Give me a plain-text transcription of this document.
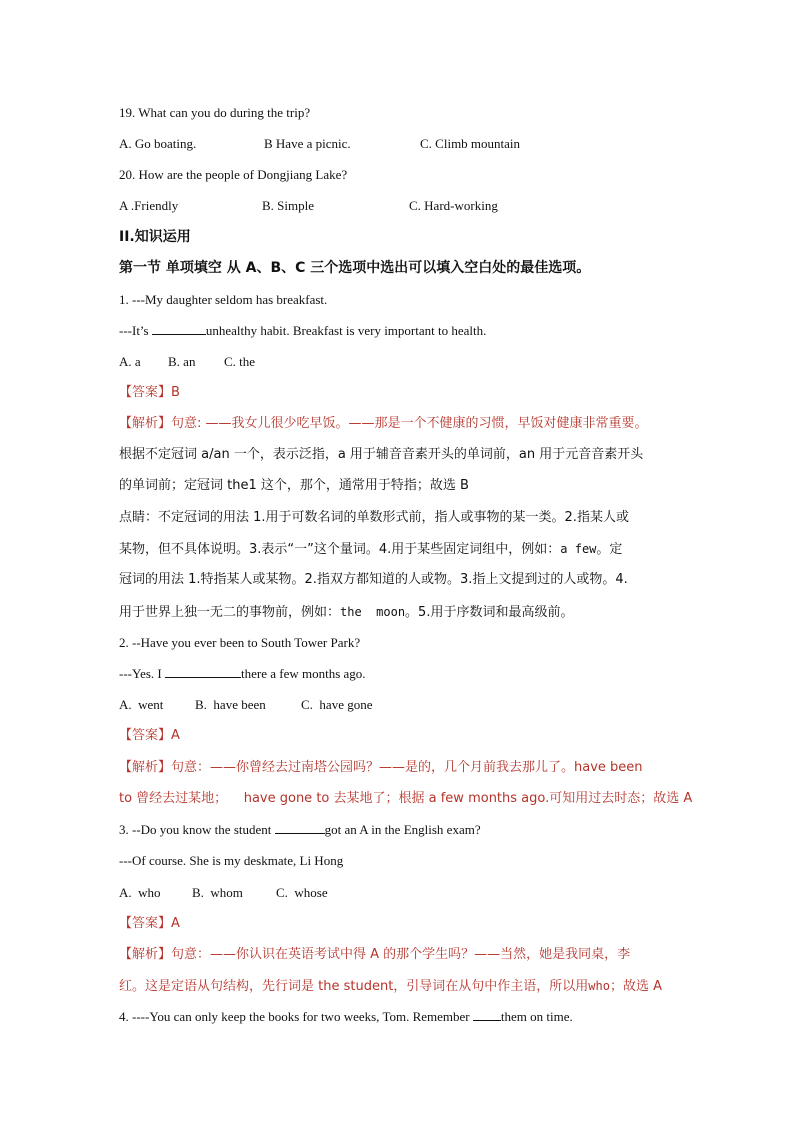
19. What can you do during the trip?
A. Go boating.	B Have a picnic.	C. Climb mountain
20. How are the people of Dongjiang Lake?
A .Friendly	B. Simple	C. Hard-working
II.知识运用
第一节 单项填空 从 A、B、C 三个选项中选出可以填入空白处的最佳选项。
1. ---My daughter seldom has breakfast.
---It’s	unhealthy habit. Breakfast is very important to health.
A. a B. an C. the
【答案】B
【解析】句意: ——我女儿很少吃早饭。——那是一个不健康的习惯，早饭对健康非常重要。
根据不定冠词 a/an 一个，表示泛指，a 用于辅音音素开头的单词前，an 用于元音音素开头
的单词前；定冠词 the1 这个，那个，通常用于特指；故选 B
点睛：不定冠词的用法 1.用于可数名词的单数形式前，指人或事物的某一类。2.指某人或
某物，但不具体说明。3.表示“一”这个量词。4.用于某些固定词组中，例如：a few。定
冠词的用法 1.特指某人或某物。2.指双方都知道的人或物。3.指上文提到过的人或物。4.
用于世界上独一无二的事物前，例如：the  moon。5.用于序数词和最高级前。
2. --Have you ever been to South Tower Park?
---Yes. I	there a few months ago.
A. went B. have been	C. have gone
【答案】A
【解析】句意：——你曾经去过南塔公园吗？——是的，几个月前我去那儿了。have been
to 曾经去过某地；    have gone to 去某地了；根据 a few months ago.可知用过去时态；故选 A
3. --Do you know the student	got an A in the English exam?
---Of course. She is my deskmate, Li Hong
A. who B. whom	C. whose
【答案】A
【解析】句意：——你认识在英语考试中得 A 的那个学生吗？——当然，她是我同桌，李
红。这是定语从句结构，先行词是 the student，引导词在从句中作主语，所以用who；故选 A
4. ----You can only keep the books for two weeks, Tom. Remember them on time.
